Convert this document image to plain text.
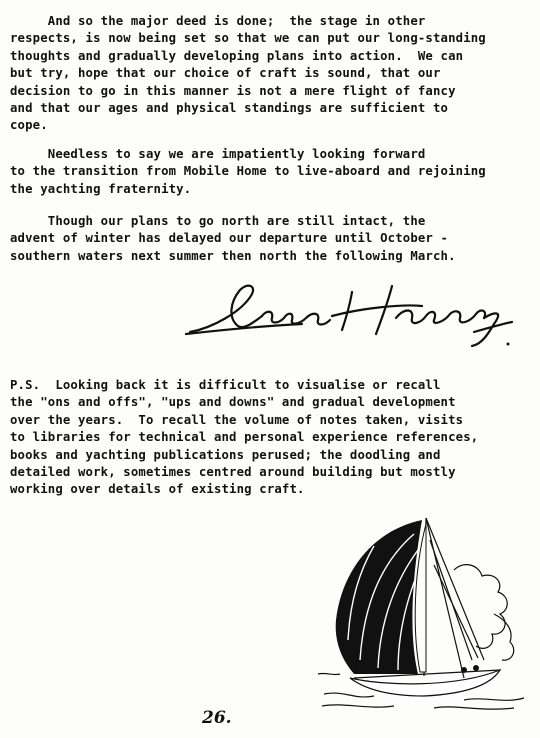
And so the major deed is done;  the stage in other
respects, is now being set so that we can put our long-standing
thoughts and gradually developing plans into action.  We can
but try, hope that our choice of craft is sound, that our
decision to go in this manner is not a mere flight of fancy
and that our ages and physical standings are sufficient to
cope.

Needless to say we are impatiently looking forward
to the transition from Mobile Home to live-aboard and rejoining
the yachting fraternity.

Though our plans to go north are still intact, the
advent of winter has delayed our departure until October -
southern waters next summer then north the following March.

P.S.  Looking back it is difficult to visualise or recall
the "ons and offs", "ups and downs" and gradual development
over the years.  To recall the volume of notes taken, visits
to libraries for technical and personal experience references,
books and yachting publications perused; the doodling and
detailed work, sometimes centred around building but mostly
working over details of existing craft.

26.
